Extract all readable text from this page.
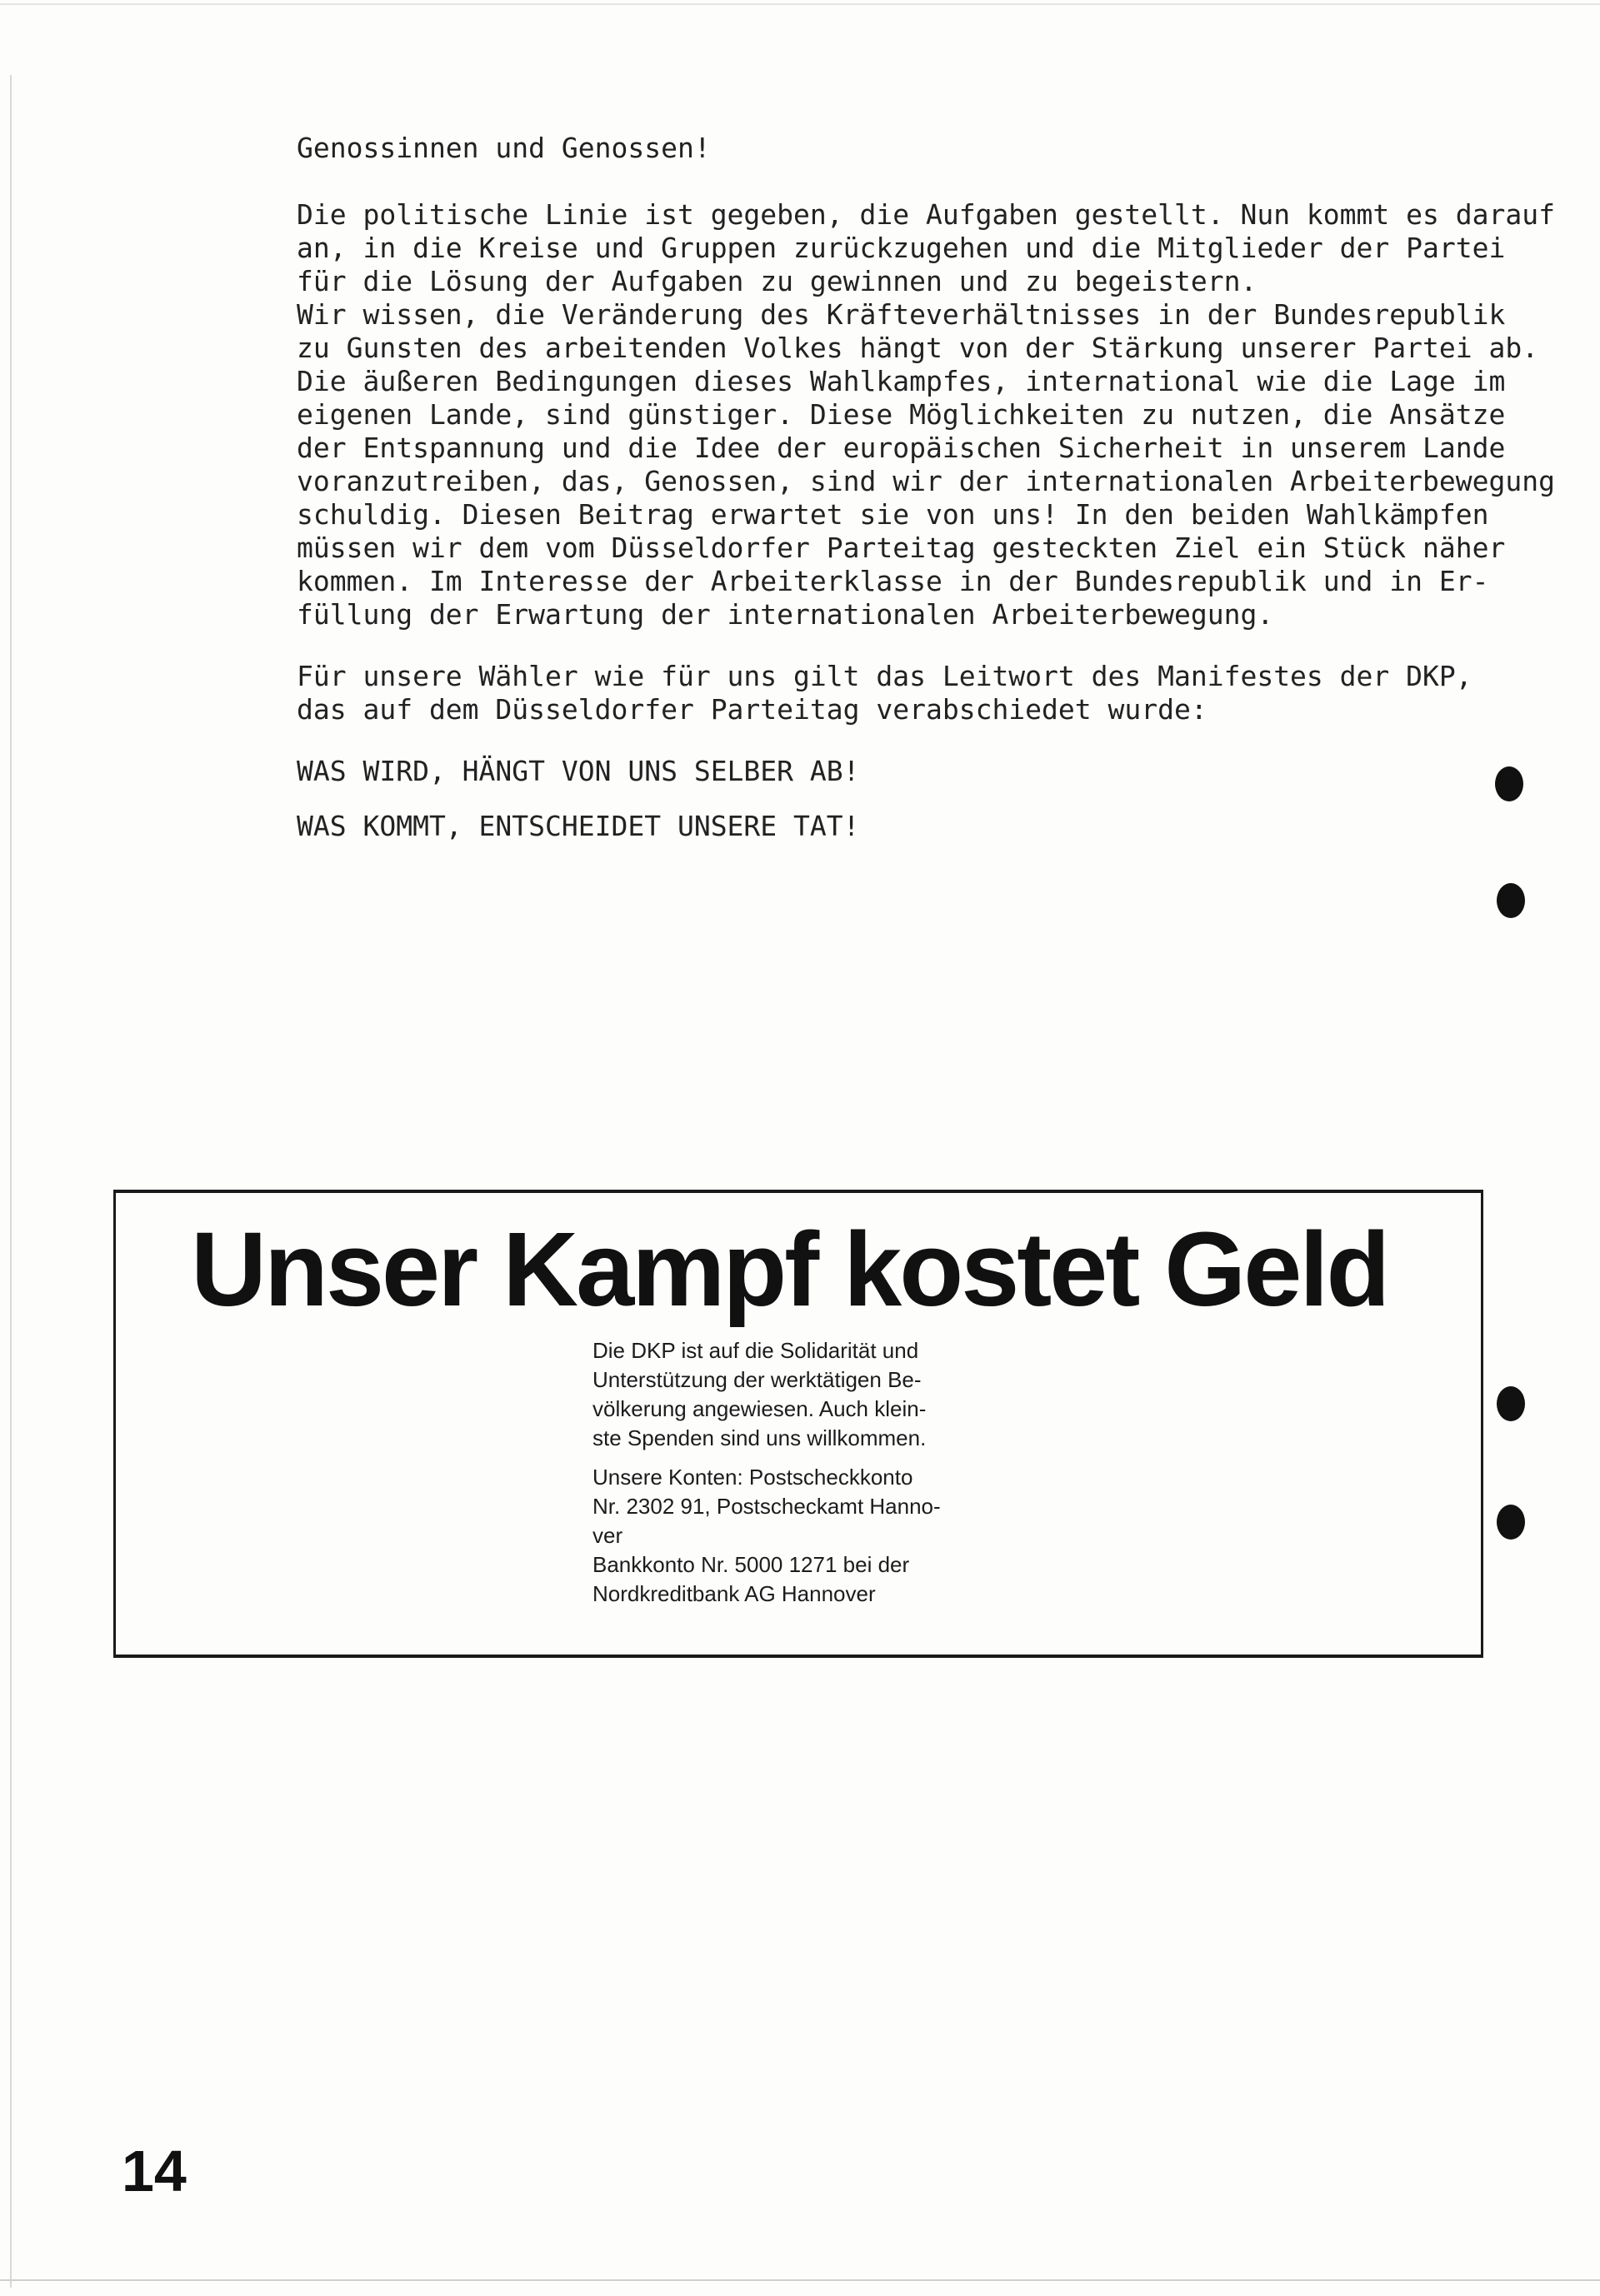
Genossinnen und Genossen!

Die politische Linie ist gegeben, die Aufgaben gestellt. Nun kommt es darauf

an, in die Kreise und Gruppen zurückzugehen und die Mitglieder der Partei

für die Lösung der Aufgaben zu gewinnen und zu begeistern.

Wir wissen, die Veränderung des Kräfteverhältnisses in der Bundesrepublik

zu Gunsten des arbeitenden Volkes hängt von der Stärkung unserer Partei ab.

Die äußeren Bedingungen dieses Wahlkampfes, international wie die Lage im

eigenen Lande, sind günstiger. Diese Möglichkeiten zu nutzen, die Ansätze

der Entspannung und die Idee der europäischen Sicherheit in unserem Lande

voranzutreiben, das, Genossen, sind wir der internationalen Arbeiterbewegung

schuldig. Diesen Beitrag erwartet sie von uns! In den beiden Wahlkämpfen

müssen wir dem vom Düsseldorfer Parteitag gesteckten Ziel ein Stück näher

kommen. Im Interesse der Arbeiterklasse in der Bundesrepublik und in Er-

füllung der Erwartung der internationalen Arbeiterbewegung.

Für unsere Wähler wie für uns gilt das Leitwort des Manifestes der DKP,

das auf dem Düsseldorfer Parteitag verabschiedet wurde:

WAS WIRD, HÄNGT VON UNS SELBER AB!

WAS KOMMT, ENTSCHEIDET UNSERE TAT!

Unser Kampf kostet Geld

Die DKP ist auf die Solidarität und

Unterstützung der werktätigen Be-

völkerung angewiesen. Auch klein-

ste Spenden sind uns willkommen.

Unsere Konten: Postscheckkonto

Nr. 2302 91, Postscheckamt Hanno-

ver

Bankkonto Nr. 5000 1271 bei der

Nordkreditbank AG Hannover

14
